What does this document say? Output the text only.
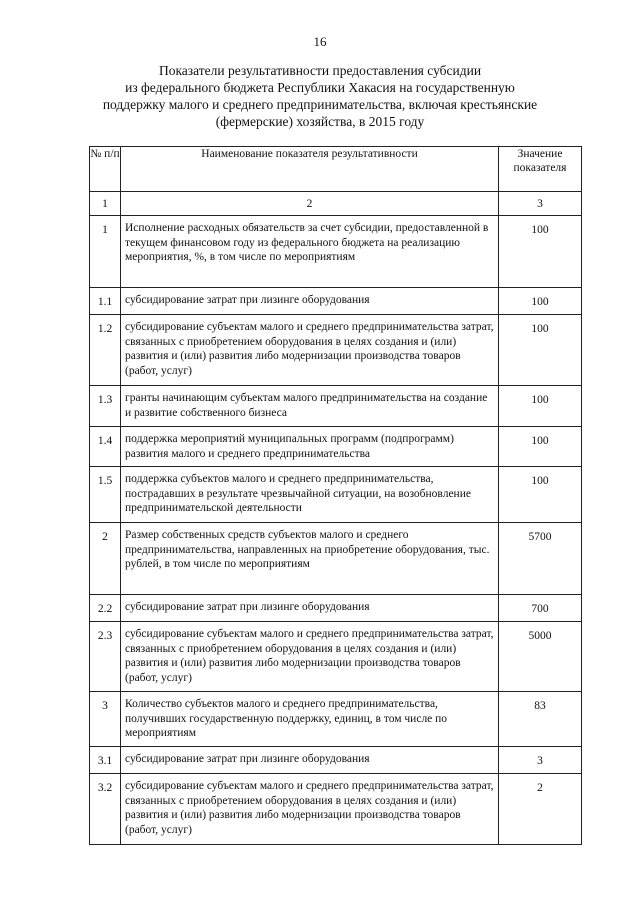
16
Показатели результативности предоставления субсидии
из федерального бюджета Республики Хакасия на государственную
поддержку малого и среднего предпринимательства, включая крестьянские
(фермерские) хозяйства, в 2015 году
№ п/п	Наименование показателя результативности	Значение показателя
1	2	3
1	Исполнение расходных обязательств за счет субсидии, предоставленной в текущем финансовом году из федерального бюджета на реализацию мероприятия, %, в том числе по мероприятиям	100
1.1	субсидирование затрат при лизинге оборудования	100
1.2	субсидирование субъектам малого и среднего предпринимательства затрат, связанных с приобретением оборудования в целях создания и (или) развития и (или) развития либо модернизации производства товаров (работ, услуг)	100
1.3	гранты начинающим субъектам малого предпринимательства на создание и развитие собственного бизнеса	100
1.4	поддержка мероприятий муниципальных программ (подпрограмм) развития малого и среднего предпринимательства	100
1.5	поддержка субъектов малого и среднего предпринимательства, пострадавших в результате чрезвычайной ситуации, на возобновление предпринимательской деятельности	100
2	Размер собственных средств субъектов малого и среднего предпринимательства, направленных на приобретение оборудования, тыс. рублей, в том числе по мероприятиям	5700
2.2	субсидирование затрат при лизинге оборудования	700
2.3	субсидирование субъектам малого и среднего предпринимательства затрат, связанных с приобретением оборудования в целях создания и (или) развития и (или) развития либо модернизации производства товаров (работ, услуг)	5000
3	Количество субъектов малого и среднего предпринимательства, получивших государственную поддержку, единиц, в том числе по мероприятиям	83
3.1	субсидирование затрат при лизинге оборудования	3
3.2	субсидирование субъектам малого и среднего предпринимательства затрат, связанных с приобретением оборудования в целях создания и (или) развития и (или) развития либо модернизации производства товаров (работ, услуг)	2
